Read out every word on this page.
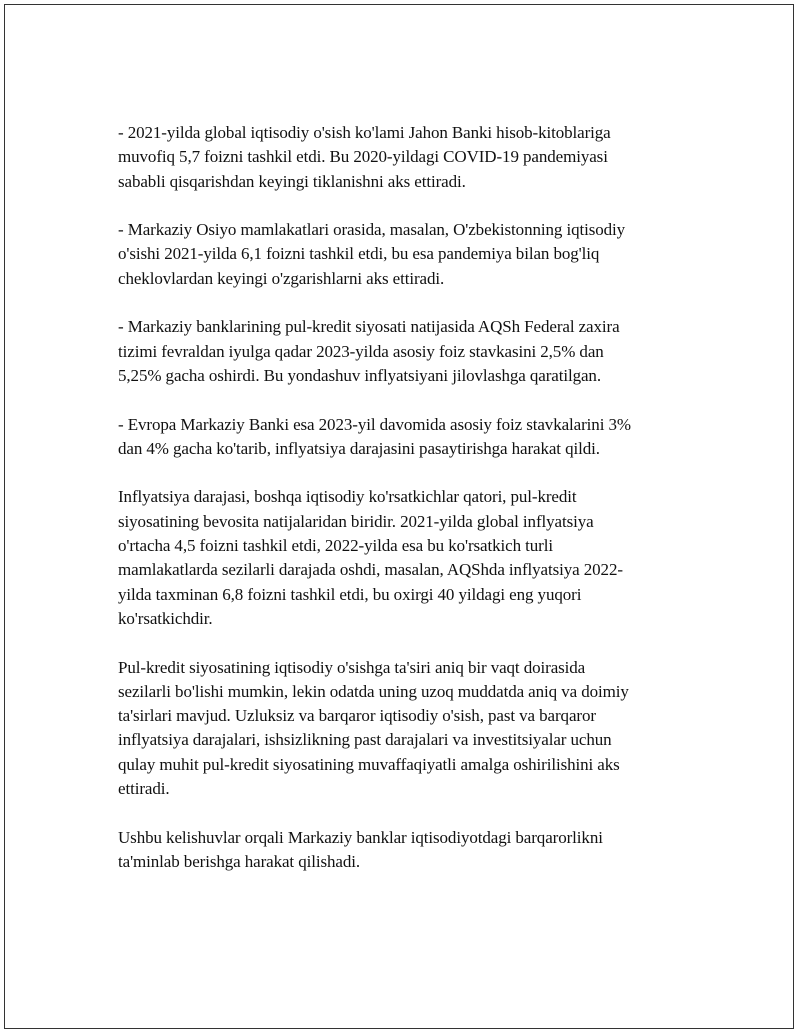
- 2021-yilda global iqtisodiy o'sish ko'lami Jahon Banki hisob-kitoblariga
muvofiq 5,7 foizni tashkil etdi. Bu 2020-yildagi COVID-19 pandemiyasi
sababli qisqarishdan keyingi tiklanishni aks ettiradi.

- Markaziy Osiyo mamlakatlari orasida, masalan, O'zbekistonning iqtisodiy
o'sishi 2021-yilda 6,1 foizni tashkil etdi, bu esa pandemiya bilan bog'liq
cheklovlardan keyingi o'zgarishlarni aks ettiradi.

- Markaziy banklarining pul-kredit siyosati natijasida AQSh Federal zaxira
tizimi fevraldan iyulga qadar 2023-yilda asosiy foiz stavkasini 2,5% dan
5,25% gacha oshirdi. Bu yondashuv inflyatsiyani jilovlashga qaratilgan.

- Evropa Markaziy Banki esa 2023-yil davomida asosiy foiz stavkalarini 3%
dan 4% gacha ko'tarib, inflyatsiya darajasini pasaytirishga harakat qildi.

Inflyatsiya darajasi, boshqa iqtisodiy ko'rsatkichlar qatori, pul-kredit
siyosatining bevosita natijalaridan biridir. 2021-yilda global inflyatsiya
o'rtacha 4,5 foizni tashkil etdi, 2022-yilda esa bu ko'rsatkich turli
mamlakatlarda sezilarli darajada oshdi, masalan, AQShda inflyatsiya 2022-
yilda taxminan 6,8 foizni tashkil etdi, bu oxirgi 40 yildagi eng yuqori
ko'rsatkichdir.

Pul-kredit siyosatining iqtisodiy o'sishga ta'siri aniq bir vaqt doirasida
sezilarli bo'lishi mumkin, lekin odatda uning uzoq muddatda aniq va doimiy
ta'sirlari mavjud. Uzluksiz va barqaror iqtisodiy o'sish, past va barqaror
inflyatsiya darajalari, ishsizlikning past darajalari va investitsiyalar uchun
qulay muhit pul-kredit siyosatining muvaffaqiyatli amalga oshirilishini aks
ettiradi.

Ushbu kelishuvlar orqali Markaziy banklar iqtisodiyotdagi barqarorlikni
ta'minlab berishga harakat qilishadi.
